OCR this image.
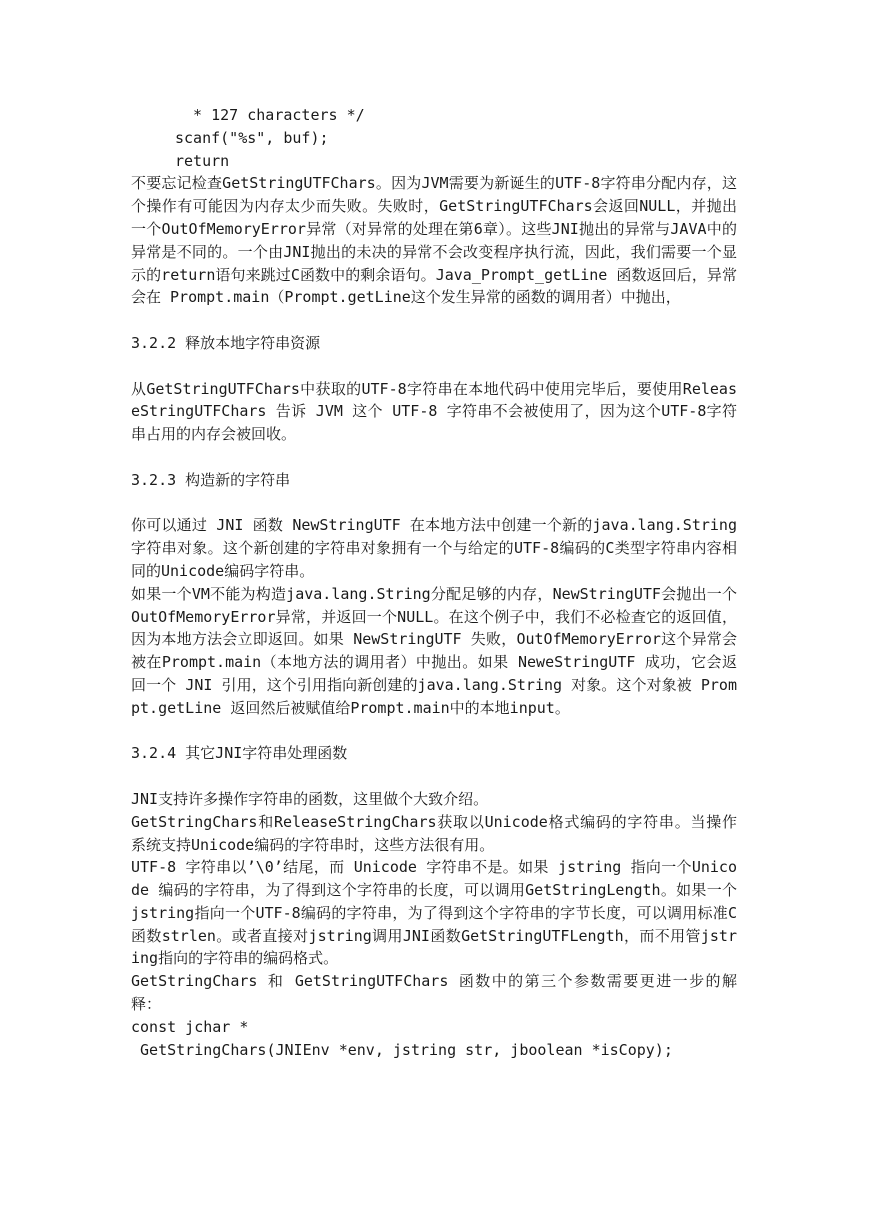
* 127 characters */
scanf("%s", buf);
return

不要忘记检查GetStringUTFChars。因为JVM需要为新诞生的UTF-8字符串分配内存，这个操作有可能因为内存太少而失败。失败时，GetStringUTFChars会返回NULL，并抛出一个OutOfMemoryError异常（对异常的处理在第6章）。这些JNI抛出的异常与JAVA中的异常是不同的。一个由JNI抛出的未决的异常不会改变程序执行流，因此，我们需要一个显示的return语句来跳过C函数中的剩余语句。Java_Prompt_getLine 函数返回后，异常会在 Prompt.main（Prompt.getLine这个发生异常的函数的调用者）中抛出，

3.2.2 释放本地字符串资源

从GetStringUTFChars中获取的UTF-8字符串在本地代码中使用完毕后，要使用ReleaseStringUTFChars 告诉 JVM 这个 UTF-8 字符串不会被使用了，因为这个UTF-8字符串占用的内存会被回收。

3.2.3 构造新的字符串

你可以通过 JNI 函数 NewStringUTF 在本地方法中创建一个新的java.lang.String 字符串对象。这个新创建的字符串对象拥有一个与给定的UTF-8编码的C类型字符串内容相同的Unicode编码字符串。

如果一个VM不能为构造java.lang.String分配足够的内存，NewStringUTF会抛出一个OutOfMemoryError异常，并返回一个NULL。在这个例子中，我们不必检查它的返回值，因为本地方法会立即返回。如果 NewStringUTF 失败，OutOfMemoryError这个异常会被在Prompt.main（本地方法的调用者）中抛出。如果 NeweStringUTF 成功，它会返回一个 JNI 引用，这个引用指向新创建的java.lang.String 对象。这个对象被 Prompt.getLine 返回然后被赋值给Prompt.main中的本地input。

3.2.4 其它JNI字符串处理函数

JNI支持许多操作字符串的函数，这里做个大致介绍。

GetStringChars和ReleaseStringChars获取以Unicode格式编码的字符串。当操作系统支持Unicode编码的字符串时，这些方法很有用。

UTF-8 字符串以’\0’结尾，而 Unicode 字符串不是。如果 jstring 指向一个Unicode 编码的字符串，为了得到这个字符串的长度，可以调用GetStringLength。如果一个jstring指向一个UTF-8编码的字符串，为了得到这个字符串的字节长度，可以调用标准C函数strlen。或者直接对jstring调用JNI函数GetStringUTFLength，而不用管jstring指向的字符串的编码格式。

GetStringChars 和 GetStringUTFChars 函数中的第三个参数需要更进一步的解释：

const jchar *
GetStringChars(JNIEnv *env, jstring str, jboolean *isCopy);
